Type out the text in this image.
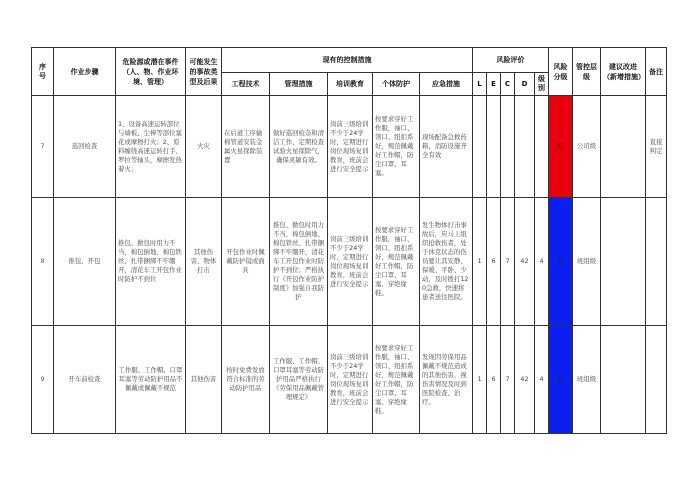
序号	作业步骤	危险源或潜在事件（人、物、作业环境、管理）	可能发生的事故类型及后果	现有的控制措施					风险评价					风险分级	管控层级	建议改进（新增措施）	备注
				工程技术	管理措施	培训教育	个体防护	应急措施	L	E	C	D	级别				
7	巡回检查	1、设备高速运转部位与墙板、尘棒等部位塞花或摩擦打火；2、原料缠绕高速运转打手、罗拉等轴头，摩擦发热着火；	火灾	在后道工序输棉管道安装金属火星探除装置	做好巡回检杂和清洁工作，定期检查试验火星探除气，确保灵敏有效。	岗前三级培训不少于24学时，定期进行岗位现场复训教育，班前会进行安全提示	按要求穿好工作服，袖口、领口、纽扣系好，规范佩戴好工作帽，防尘口罩、耳塞。	现场配备急救药箱，消防设施齐全有效						红	公司级		直接判定

8	推包、开包	推包、掀包时用力不当，棉包倒地、棉包铁丝、扎带捆绑不牢绷开，清花车工开包作业时防护不到位	其他伤害、物体打击	开包作业时佩戴防护镜或面具	推包、掀包时用力不当，棉包倒地、棉包铁丝、扎带捆绑不牢绷开，清花车工开包作业时防护不到位；严格执行《开包作业防护制度》加强自我防护	岗前三级培训不少于24学时，定期进行岗位现场复训教育，班前会进行安全提示	按要求穿好工作服，袖口、领口、纽扣系好，规范佩戴好工作帽，防尘口罩、耳塞、穿绝缘鞋。	发生物体打击事故后，应马上组织抢救伤者，处于休克状态的伤员要让其安静、保暖、平卧、少动，及时拨打120急救，快速将患者送往医院。	1	6	7	42	4	蓝	班组级		

9	开车前检查	工作服、工作帽、口罩耳塞等劳动防护用品不佩戴或佩戴不规范	其他伤害	按时免费发放符合标准的劳动防护用品	工作服、工作帽、口罩耳塞等劳动防护用品严格执行《劳保用品佩戴管理规定》	岗前三级培训不少于24学时，定期进行岗位现场复训教育，班前会进行安全提示	按要求穿好工作服，袖口、领口、纽扣系好，规范佩戴好工作帽，防尘口罩、耳塞、穿绝缘鞋。	发现因劳保用品佩戴不规范造成的其他伤害，视伤害情况及时到医院检查、治疗。	1	6	7	42	4	蓝	班组级		
